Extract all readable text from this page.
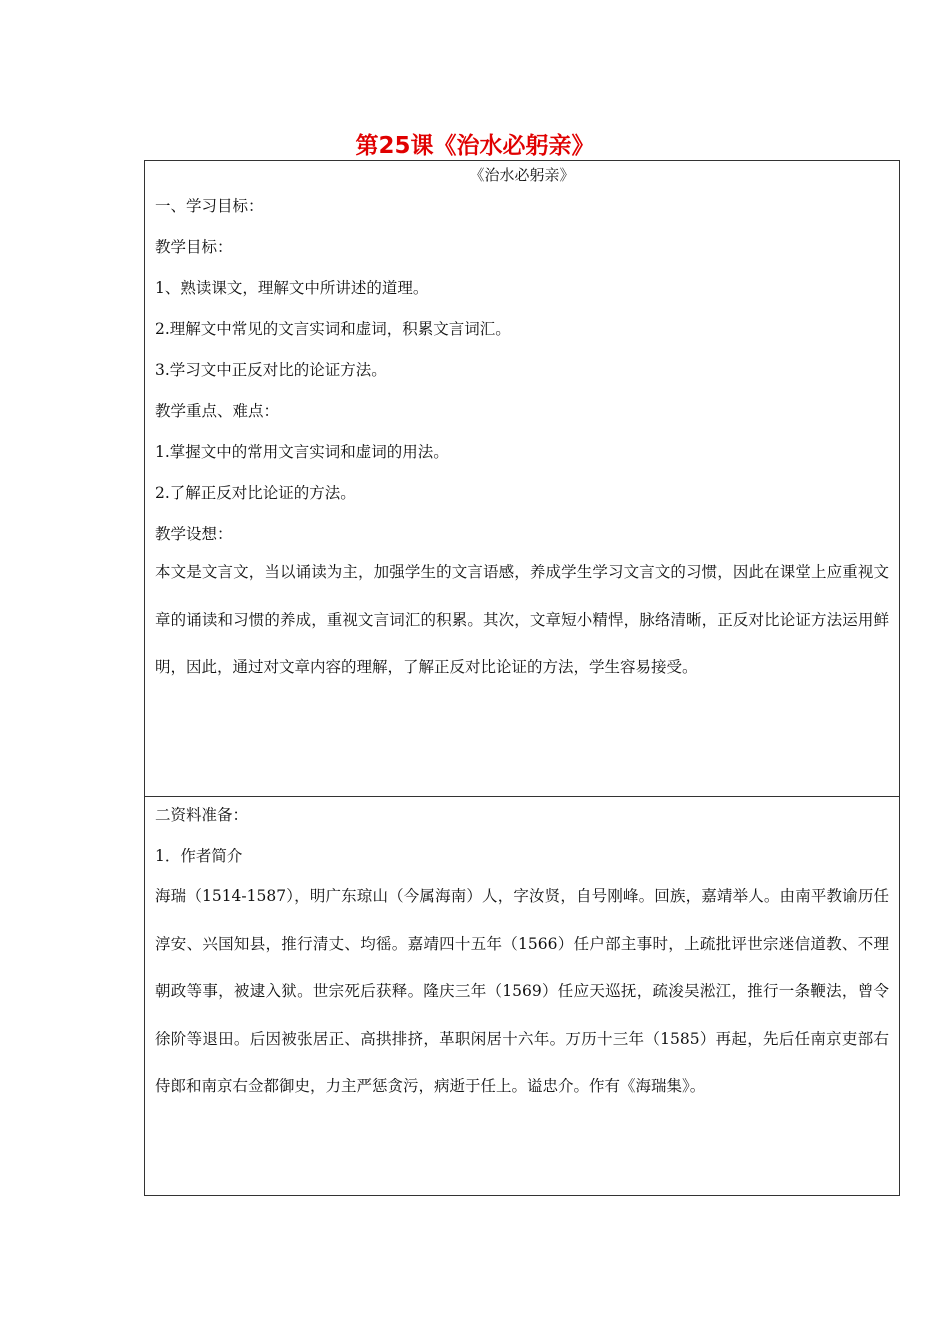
第25课《治水必躬亲》

《治水必躬亲》

一、学习目标：

教学目标：

1、熟读课文，理解文中所讲述的道理。

2.理解文中常见的文言实词和虚词，积累文言词汇。

3.学习文中正反对比的论证方法。

教学重点、难点：

1.掌握文中的常用文言实词和虚词的用法。

2.了解正反对比论证的方法。

教学设想：

本文是文言文，当以诵读为主，加强学生的文言语感，养成学生学习文言文的习惯，因此在课堂上应重视文章的诵读和习惯的养成，重视文言词汇的积累。其次，文章短小精悍，脉络清晰，正反对比论证方法运用鲜明，因此，通过对文章内容的理解，了解正反对比论证的方法，学生容易接受。

二资料准备：

1．作者简介

海瑞（1514-1587），明广东琼山（今属海南）人，字汝贤，自号刚峰。回族，嘉靖举人。由南平教谕历任淳安、兴国知县，推行清丈、均徭。嘉靖四十五年（1566）任户部主事时，上疏批评世宗迷信道教、不理朝政等事，被逮入狱。世宗死后获释。隆庆三年（1569）任应天巡抚，疏浚吴淞江，推行一条鞭法，曾令徐阶等退田。后因被张居正、高拱排挤，革职闲居十六年。万历十三年（1585）再起，先后任南京吏部右侍郎和南京右佥都御史，力主严惩贪污，病逝于任上。谥忠介。作有《海瑞集》。
